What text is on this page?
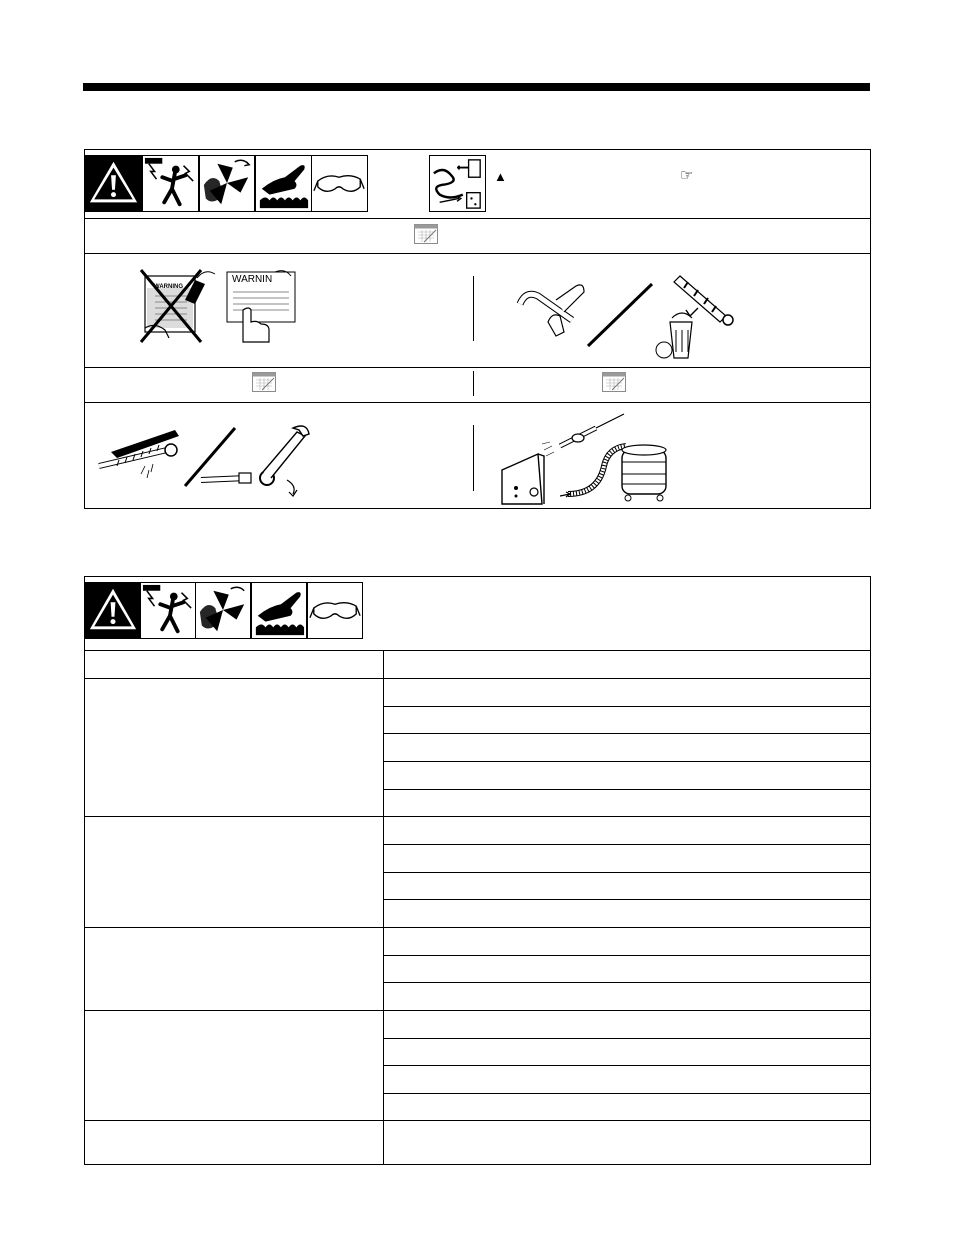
▲	☞
WARNING
WARNIN
